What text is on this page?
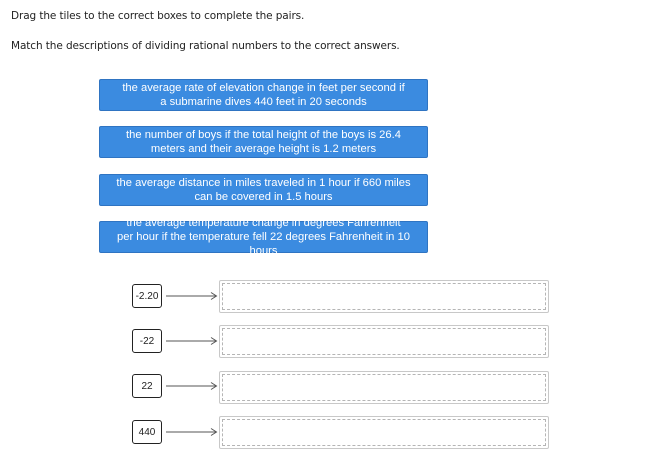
Drag the tiles to the correct boxes to complete the pairs.
Match the descriptions of dividing rational numbers to the correct answers.
the average rate of elevation change in feet per second if
a submarine dives 440 feet in 20 seconds
the number of boys if the total height of the boys is 26.4
meters and their average height is 1.2 meters
the average distance in miles traveled in 1 hour if 660 miles
can be covered in 1.5 hours
the average temperature change in degrees Fahrenheit
per hour if the temperature fell 22 degrees Fahrenheit in 10 hours
-2.20
-22
22
440
